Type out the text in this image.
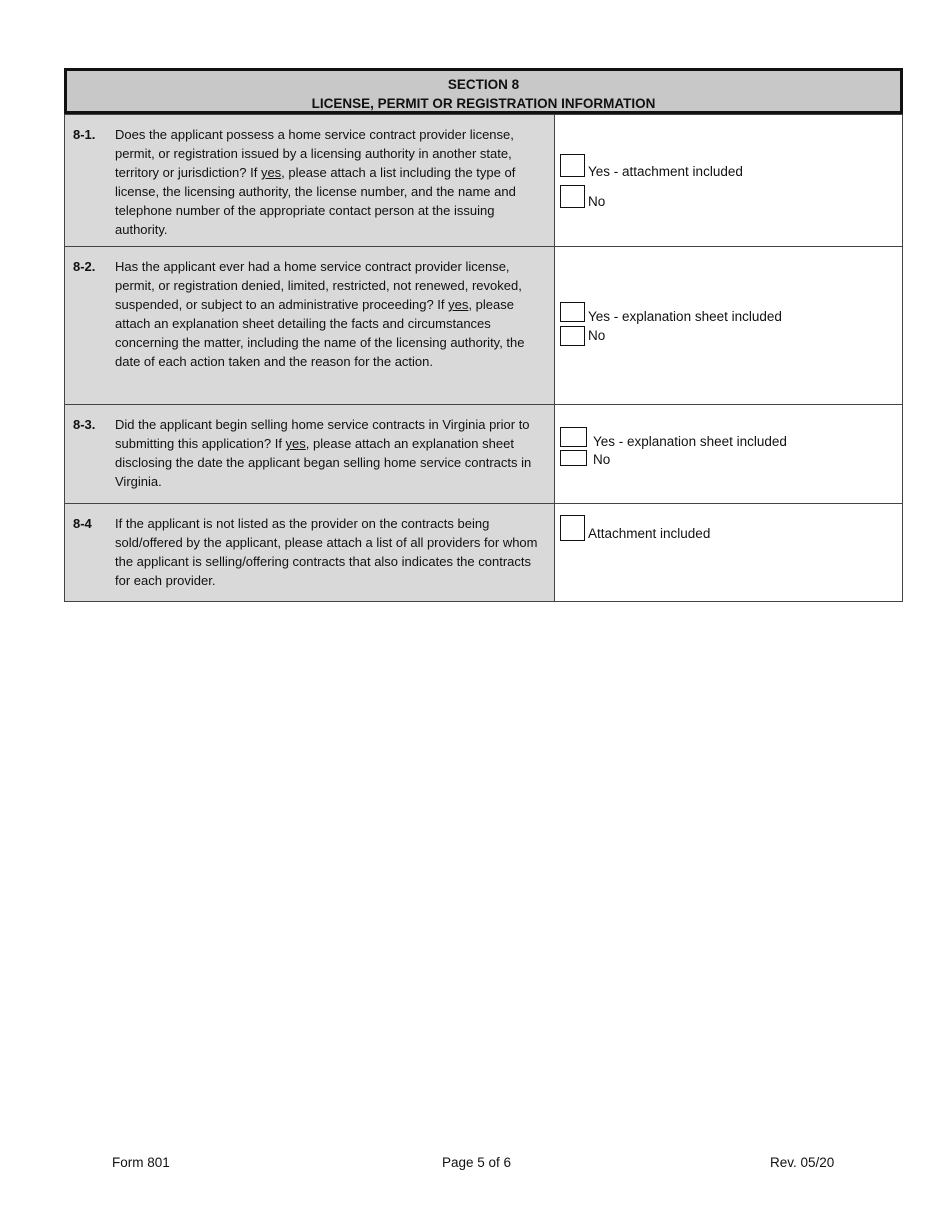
SECTION 8
LICENSE, PERMIT OR REGISTRATION INFORMATION
8-1.	Does the applicant possess a home service contract provider license, permit, or registration issued by a licensing authority in another state, territory or jurisdiction? If yes, please attach a list including the type of license, the licensing authority, the license number, and the name and telephone number of the appropriate contact person at the issuing authority.
Yes - attachment included
No
8-2.	Has the applicant ever had a home service contract provider license, permit, or registration denied, limited, restricted, not renewed, revoked, suspended, or subject to an administrative proceeding? If yes, please attach an explanation sheet detailing the facts and circumstances concerning the matter, including the name of the licensing authority, the date of each action taken and the reason for the action.
Yes - explanation sheet included
No
8-3.	Did the applicant begin selling home service contracts in Virginia prior to submitting this application? If yes, please attach an explanation sheet disclosing the date the applicant began selling home service contracts in Virginia.
Yes - explanation sheet included
No
8-4	If the applicant is not listed as the provider on the contracts being sold/offered by the applicant, please attach a list of all providers for whom the applicant is selling/offering contracts that also indicates the contracts for each provider.
Attachment included
Form 801	Page 5 of 6	Rev. 05/20
